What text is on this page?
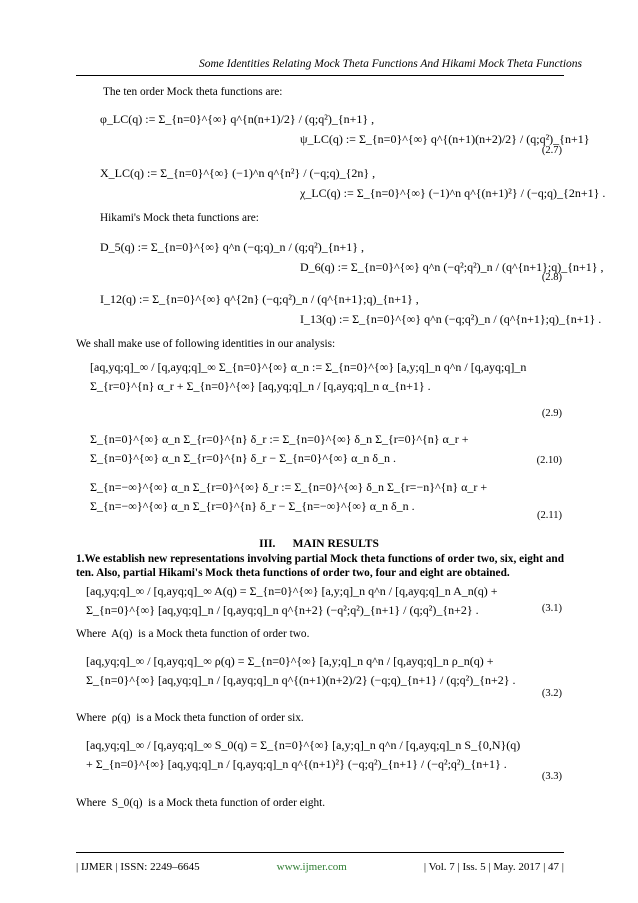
Some Identities Relating Mock Theta Functions And Hikami Mock Theta Functions
The ten order Mock theta functions are:
φ_LC(q) := Σ_{n=0}^{∞} q^{n(n+1)/2} / (q;q²)_{n+1} ,
ψ_LC(q) := Σ_{n=0}^{∞} q^{(n+1)(n+2)/2} / (q;q²)_{n+1}
(2.7)
X_LC(q) := Σ_{n=0}^{∞} (−1)^n q^{n²} / (−q;q)_{2n} ,
χ_LC(q) := Σ_{n=0}^{∞} (−1)^n q^{(n+1)²} / (−q;q)_{2n+1} .
Hikami's Mock theta functions are:
D_5(q) := Σ_{n=0}^{∞} q^n (−q;q)_n / (q;q²)_{n+1} ,
D_6(q) := Σ_{n=0}^{∞} q^n (−q²;q²)_n / (q^{n+1};q)_{n+1} ,
(2.8)
I_12(q) := Σ_{n=0}^{∞} q^{2n} (−q;q²)_n / (q^{n+1};q)_{n+1} ,
I_13(q) := Σ_{n=0}^{∞} q^n (−q;q²)_n / (q^{n+1};q)_{n+1} .
We shall make use of following identities in our analysis:
[aq,yq;q]_∞ / [q,ayq;q]_∞ Σ_{n=0}^{∞} α_n := Σ_{n=0}^{∞} [a,y;q]_n q^n / [q,ayq;q]_n Σ_{r=0}^{n} α_r + Σ_{n=0}^{∞} [aq,yq;q]_n / [q,ayq;q]_n α_{n+1} .
(2.9)
Σ_{n=0}^{∞} α_n Σ_{r=0}^{n} δ_r := Σ_{n=0}^{∞} δ_n Σ_{r=0}^{n} α_r + Σ_{n=0}^{∞} α_n Σ_{r=0}^{n} δ_r − Σ_{n=0}^{∞} α_n δ_n .	(2.10)
Σ_{n=−∞}^{∞} α_n Σ_{r=0}^{∞} δ_r := Σ_{n=0}^{∞} δ_n Σ_{r=−n}^{n} α_r + Σ_{n=−∞}^{∞} α_n Σ_{r=0}^{n} δ_r − Σ_{n=−∞}^{∞} α_n δ_n .
(2.11)
III.      MAIN RESULTS
1.We establish new representations involving partial Mock theta functions of order two, six, eight and ten. Also, partial Hikami's Mock theta functions of order two, four and eight are obtained.
[aq,yq;q]_∞ / [q,ayq;q]_∞ A(q) = Σ_{n=0}^{∞} [a,y;q]_n q^n / [q,ayq;q]_n A_n(q) + Σ_{n=0}^{∞} [aq,yq;q]_n / [q,ayq;q]_n q^{n+2} (−q²;q²)_{n+1} / (q;q²)_{n+2} .	(3.1)
Where  A(q)  is a Mock theta function of order two.
[aq,yq;q]_∞ / [q,ayq;q]_∞ ρ(q) = Σ_{n=0}^{∞} [a,y;q]_n q^n / [q,ayq;q]_n ρ_n(q) + Σ_{n=0}^{∞} [aq,yq;q]_n / [q,ayq;q]_n q^{(n+1)(n+2)/2} (−q;q)_{n+1} / (q;q²)_{n+2} .
(3.2)
Where  ρ(q)  is a Mock theta function of order six.
[aq,yq;q]_∞ / [q,ayq;q]_∞ S_0(q) = Σ_{n=0}^{∞} [a,y;q]_n q^n / [q,ayq;q]_n S_{0,N}(q) + Σ_{n=0}^{∞} [aq,yq;q]_n / [q,ayq;q]_n q^{(n+1)²} (−q;q²)_{n+1} / (−q²;q²)_{n+1} .
(3.3)
Where  S_0(q)  is a Mock theta function of order eight.
| IJMER | ISSN: 2249–6645	www.ijmer.com	| Vol. 7 | Iss. 5 | May. 2017 | 47 |
